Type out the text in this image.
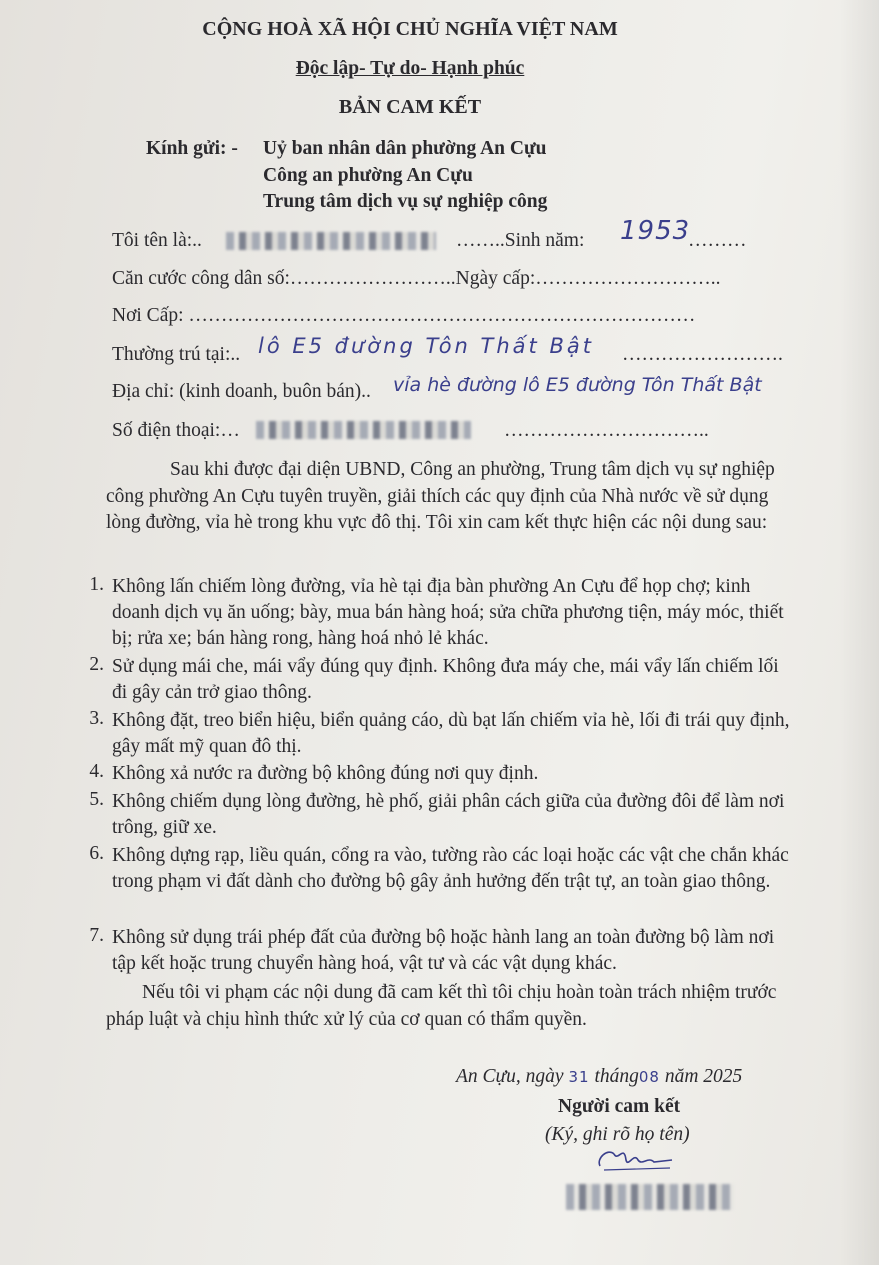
CỘNG HOÀ XÃ HỘI CHỦ NGHĨA VIỆT NAM
Độc lập- Tự do- Hạnh phúc
BẢN CAM KẾT
Kính gửi: - Uỷ ban nhân dân phường An Cựu
Công an phường An Cựu
Trung tâm dịch vụ sự nghiệp công
Tôi tên là:..	……..Sinh năm: 1953
………
Căn cước công dân số:……………………..Ngày cấp:………………………..
Nơi Cấp: ……………………………………………………………………
Thường trú tại:.. lô E5 đường Tôn Thất Bật …………………….
Địa chỉ: (kinh doanh, buôn bán).. vỉa hè đường lô E5 đường Tôn Thất Bật
Số điện thoại:…	…………………………..
Sau khi được đại diện UBND, Công an phường, Trung tâm dịch vụ sự nghiệp công phường An Cựu tuyên truyền, giải thích các quy định của Nhà nước về sử dụng lòng đường, vỉa hè trong khu vực đô thị. Tôi xin cam kết thực hiện các nội dung sau:
1. Không lấn chiếm lòng đường, vỉa hè tại địa bàn phường An Cựu để họp chợ; kinh doanh dịch vụ ăn uống; bày, mua bán hàng hoá; sửa chữa phương tiện, máy móc, thiết bị; rửa xe; bán hàng rong, hàng hoá nhỏ lẻ khác.
2. Sử dụng mái che, mái vẩy đúng quy định. Không đưa máy che, mái vẩy lấn chiếm lối đi gây cản trở giao thông.
3. Không đặt, treo biển hiệu, biển quảng cáo, dù bạt lấn chiếm vỉa hè, lối đi trái quy định, gây mất mỹ quan đô thị.
4. Không xả nước ra đường bộ không đúng nơi quy định.
5. Không chiếm dụng lòng đường, hè phố, giải phân cách giữa của đường đôi để làm nơi trông, giữ xe.
6. Không dựng rạp, liều quán, cổng ra vào, tường rào các loại hoặc các vật che chắn khác trong phạm vi đất dành cho đường bộ gây ảnh hưởng đến trật tự, an toàn giao thông.
7. Không sử dụng trái phép đất của đường bộ hoặc hành lang an toàn đường bộ làm nơi tập kết hoặc trung chuyển hàng hoá, vật tư và các vật dụng khác.
Nếu tôi vi phạm các nội dung đã cam kết thì tôi chịu hoàn toàn trách nhiệm trước pháp luật và chịu hình thức xử lý của cơ quan có thẩm quyền.
An Cựu, ngày 31 tháng08 năm 2025
Người cam kết
(Ký, ghi rõ họ tên)
